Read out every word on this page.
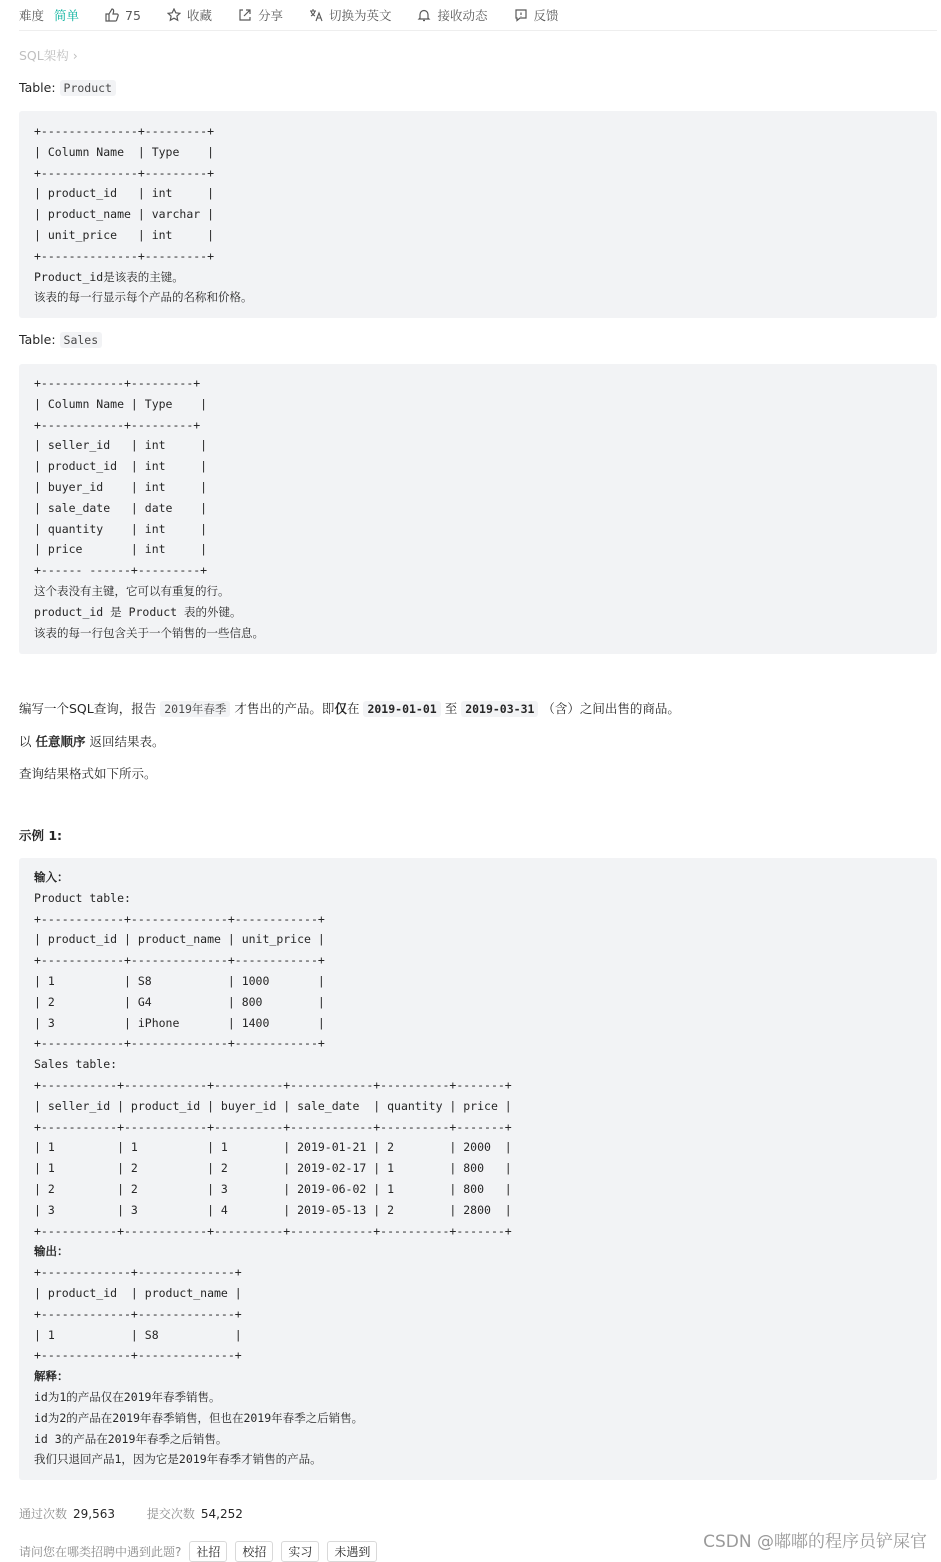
难度 简单	75	收藏	分享	切换为英文	接收动态	反馈
SQL架构 ›
Table: Product
+--------------+---------+
| Column Name  | Type    |
+--------------+---------+
| product_id   | int     |
| product_name | varchar |
| unit_price   | int     |
+--------------+---------+
Product_id是该表的主键。
该表的每一行显示每个产品的名称和价格。
Table: Sales
+------------+---------+
| Column Name | Type    |
+------------+---------+
| seller_id   | int     |
| product_id  | int     |
| buyer_id    | int     |
| sale_date   | date    |
| quantity    | int     |
| price       | int     |
+------ ------+---------+
这个表没有主键，它可以有重复的行。
product_id 是 Product 表的外键。
该表的每一行包含关于一个销售的一些信息。
编写一个SQL查询，报告 2019年春季 才售出的产品。即仅在 2019-01-01 至 2019-03-31 （含）之间出售的商品。
以 任意顺序 返回结果表。
查询结果格式如下所示。
示例 1:
输入：
Product table:
+------------+--------------+------------+
| product_id | product_name | unit_price |
+------------+--------------+------------+
| 1          | S8           | 1000       |
| 2          | G4           | 800        |
| 3          | iPhone       | 1400       |
+------------+--------------+------------+
Sales table:
+-----------+------------+----------+------------+----------+-------+
| seller_id | product_id | buyer_id | sale_date  | quantity | price |
+-----------+------------+----------+------------+----------+-------+
| 1         | 1          | 1        | 2019-01-21 | 2        | 2000  |
| 1         | 2          | 2        | 2019-02-17 | 1        | 800   |
| 2         | 2          | 3        | 2019-06-02 | 1        | 800   |
| 3         | 3          | 4        | 2019-05-13 | 2        | 2800  |
+-----------+------------+----------+------------+----------+-------+
输出：
+-------------+--------------+
| product_id  | product_name |
+-------------+--------------+
| 1           | S8           |
+-------------+--------------+
解释：
id为1的产品仅在2019年春季销售。
id为2的产品在2019年春季销售，但也在2019年春季之后销售。
id 3的产品在2019年春季之后销售。
我们只退回产品1，因为它是2019年春季才销售的产品。
通过次数 29,563	提交次数 54,252
请问您在哪类招聘中遇到此题?	社招	校招	实习	未遇到	CSDN @嘟嘟的程序员铲屎官
